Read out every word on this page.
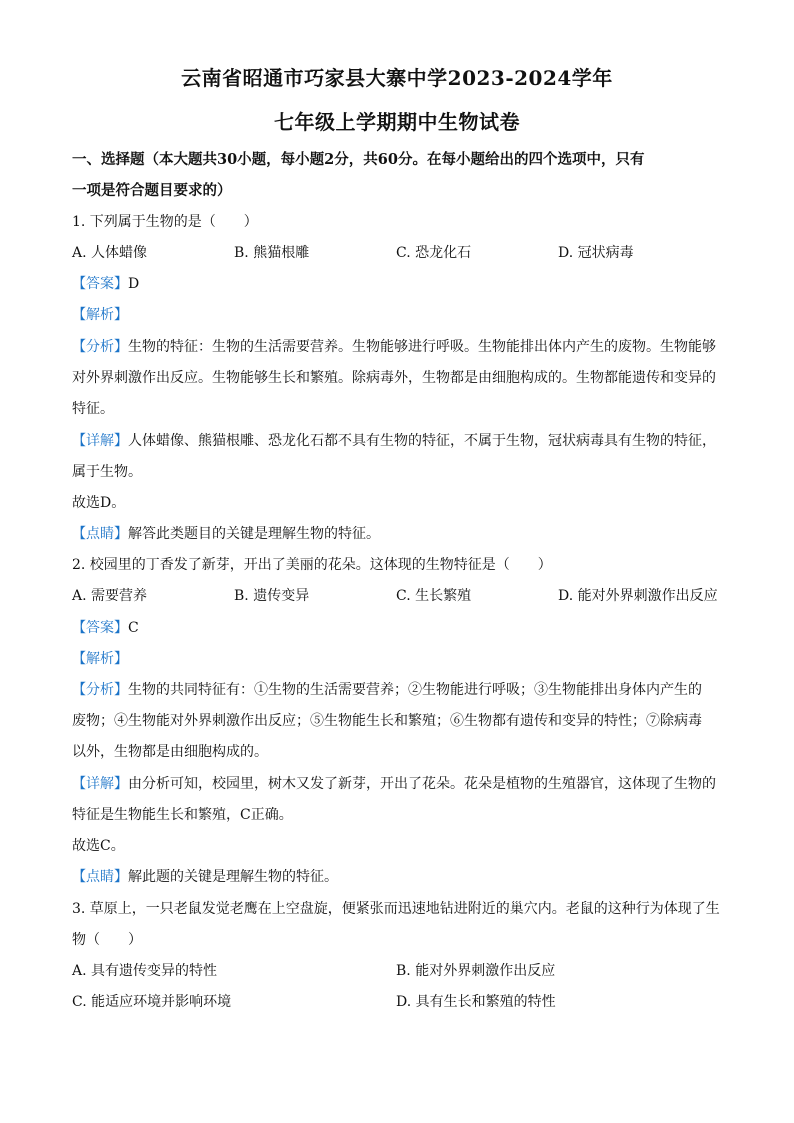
云南省昭通市巧家县大寨中学2023-2024学年
七年级上学期期中生物试卷
一、选择题（本大题共30小题，每小题2分，共60分。在每小题给出的四个选项中，只有
一项是符合题目要求的）
1. 下列属于生物的是（　　）
A. 人体蜡像	B. 熊猫根雕	C. 恐龙化石	D. 冠状病毒
【答案】D
【解析】
【分析】生物的特征：生物的生活需要营养。生物能够进行呼吸。生物能排出体内产生的废物。生物能够
对外界刺激作出反应。生物能够生长和繁殖。除病毒外，生物都是由细胞构成的。生物都能遗传和变异的
特征。
【详解】人体蜡像、熊猫根雕、恐龙化石都不具有生物的特征，不属于生物，冠状病毒具有生物的特征，
属于生物。
故选D。
【点睛】解答此类题目的关键是理解生物的特征。
2. 校园里的丁香发了新芽，开出了美丽的花朵。这体现的生物特征是（　　）
A. 需要营养	B. 遗传变异	C. 生长繁殖	D. 能对外界刺激作出反应
【答案】C
【解析】
【分析】生物的共同特征有：①生物的生活需要营养；②生物能进行呼吸；③生物能排出身体内产生的
废物；④生物能对外界刺激作出反应；⑤生物能生长和繁殖；⑥生物都有遗传和变异的特性；⑦除病毒
以外，生物都是由细胞构成的。
【详解】由分析可知，校园里，树木又发了新芽，开出了花朵。花朵是植物的生殖器官，这体现了生物的
特征是生物能生长和繁殖，C正确。
故选C。
【点睛】解此题的关键是理解生物的特征。
3. 草原上，一只老鼠发觉老鹰在上空盘旋，便紧张而迅速地钻进附近的巢穴内。老鼠的这种行为体现了生
物（　　）
A. 具有遗传变异的特性	B. 能对外界刺激作出反应
C. 能适应环境并影响环境	D. 具有生长和繁殖的特性
